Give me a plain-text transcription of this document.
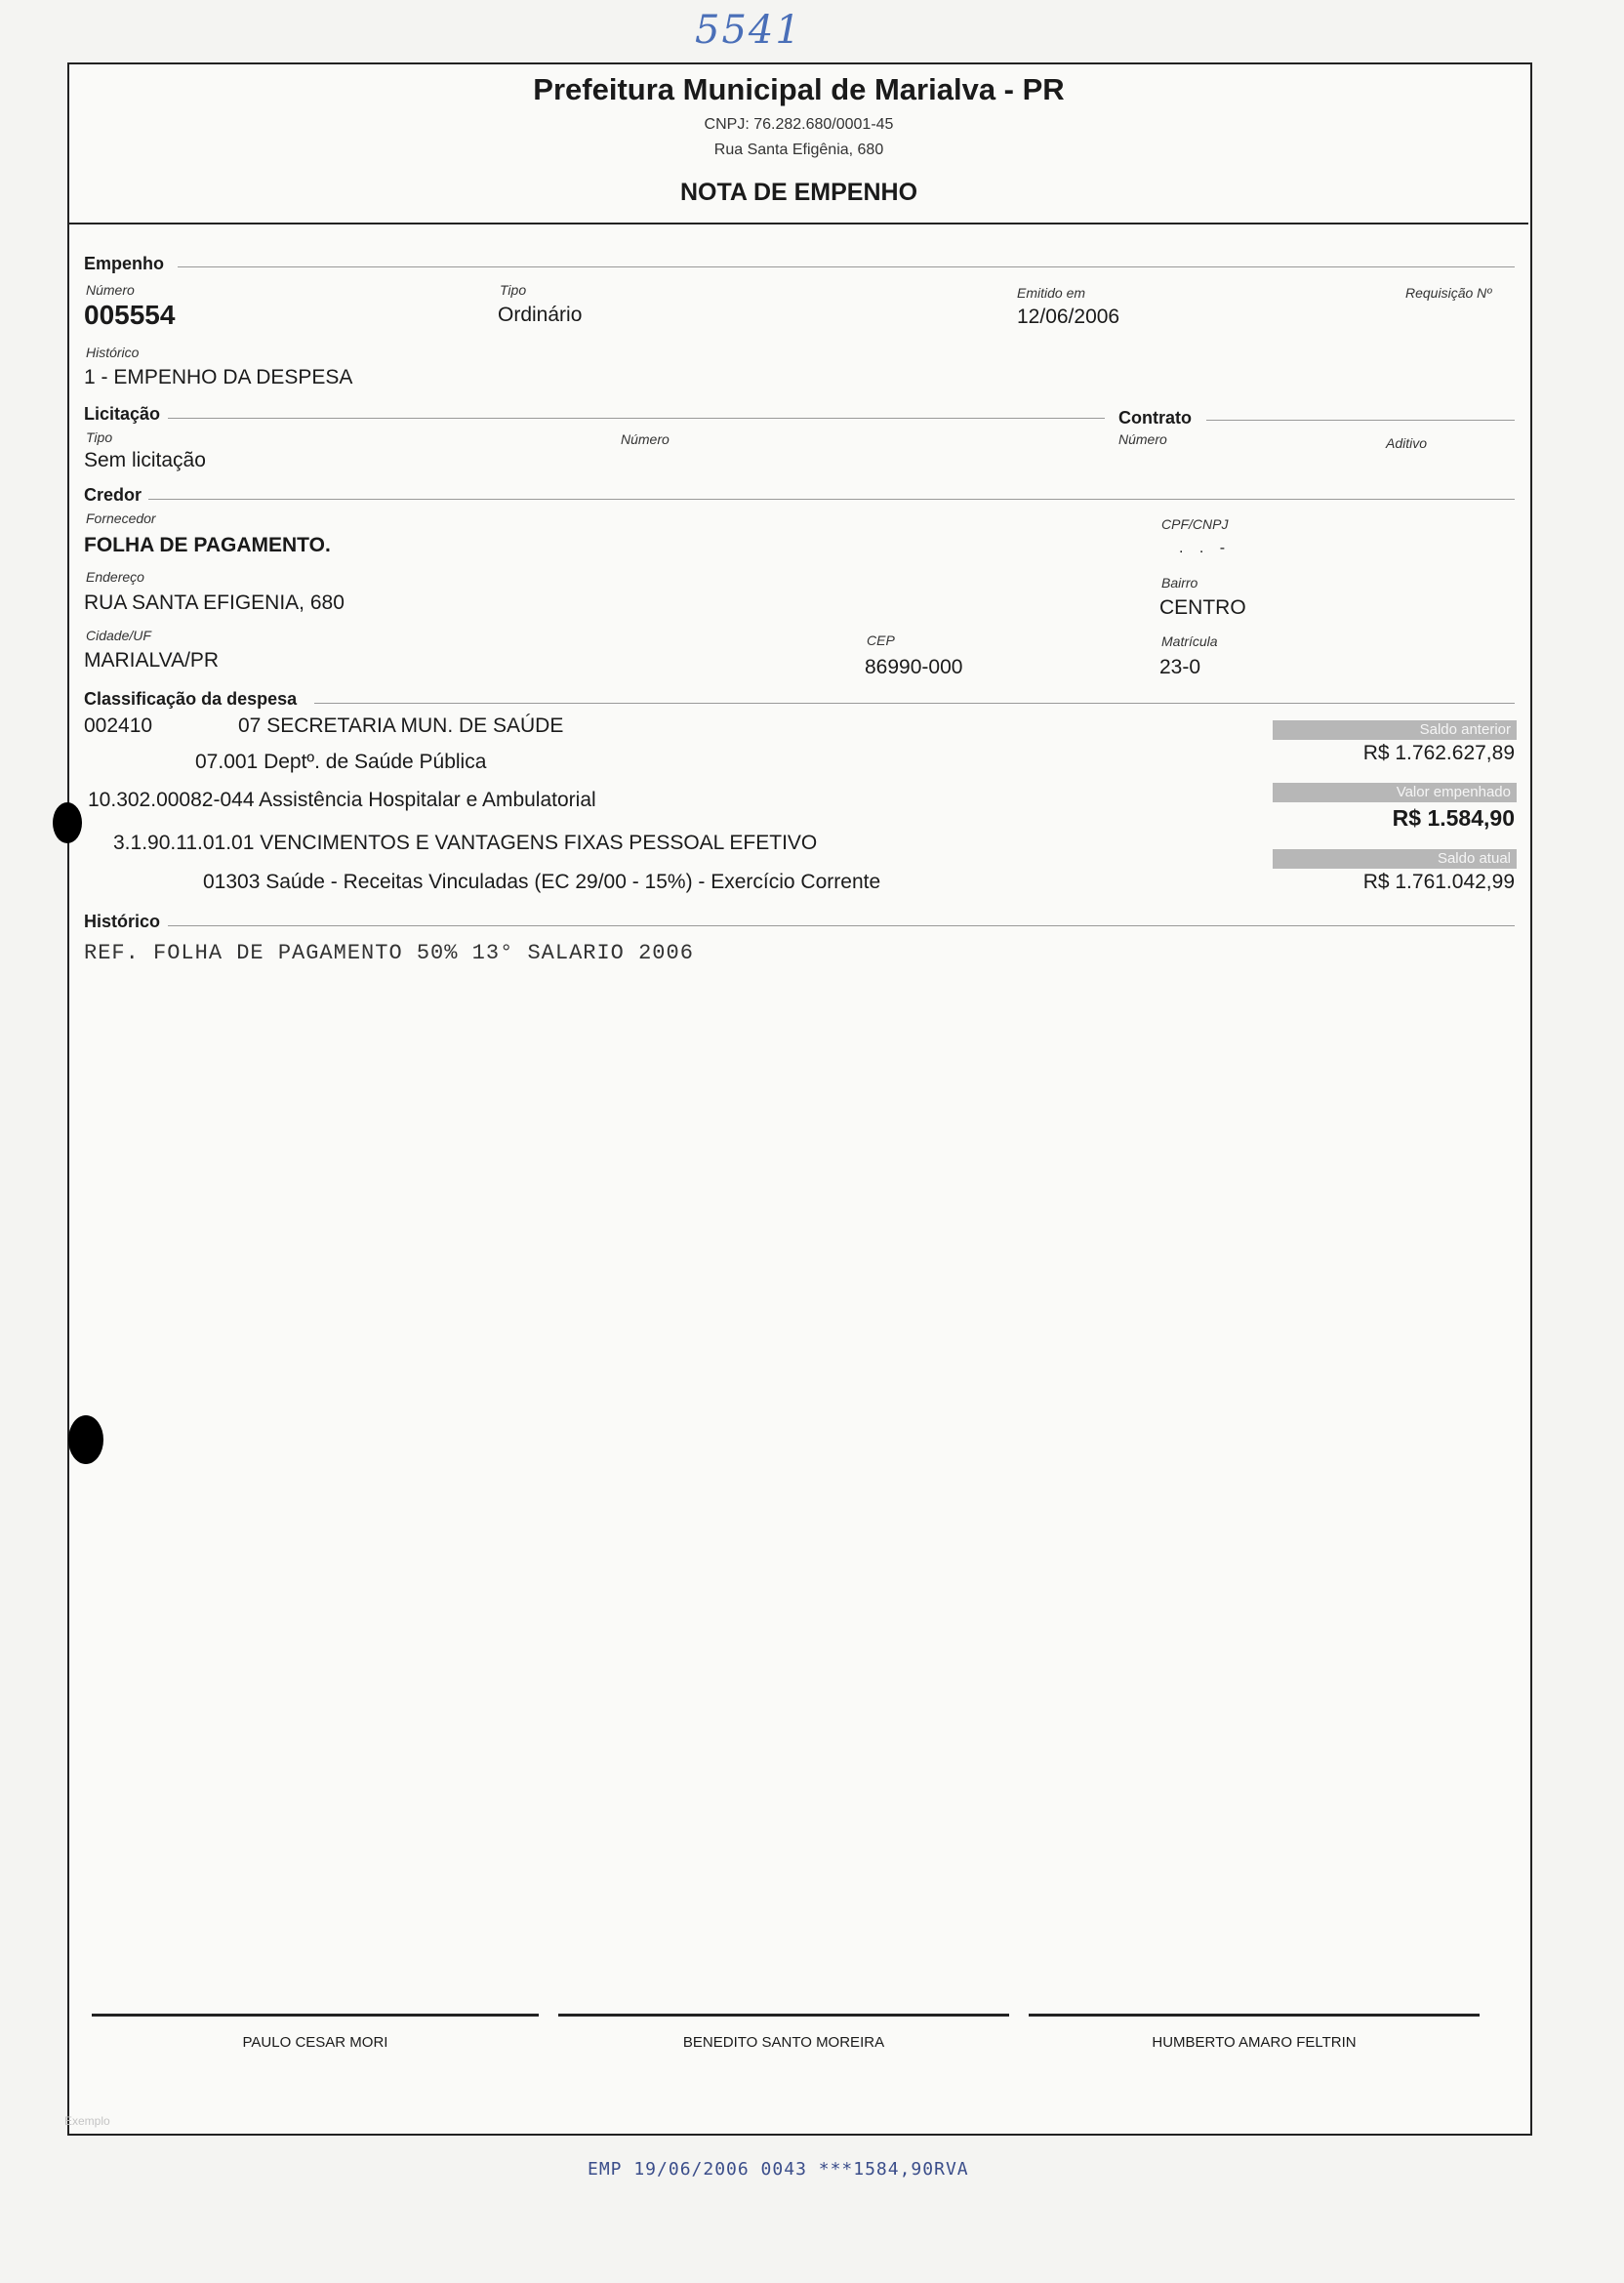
5541
Prefeitura Municipal de Marialva - PR
CNPJ: 76.282.680/0001-45
Rua Santa Efigênia, 680
NOTA DE EMPENHO
Empenho
Número
005554
Tipo
Ordinário
Emitido em
12/06/2006
Requisição Nº
Histórico
1 - EMPENHO DA DESPESA
Licitação	Contrato
Tipo
Sem licitação
Número	Número	Aditivo
Credor
Fornecedor
FOLHA DE PAGAMENTO.
CPF/CNPJ
. . -
Endereço
RUA SANTA EFIGENIA, 680
Bairro
CENTRO
Cidade/UF
MARIALVA/PR
CEP
86990-000
Matrícula
23-0
Classificação da despesa
002410	07 SECRETARIA MUN. DE SAÚDE
07.001 Deptº. de Saúde Pública
10.302.00082-044 Assistência Hospitalar e Ambulatorial
3.1.90.11.01.01 VENCIMENTOS E VANTAGENS FIXAS PESSOAL EFETIVO
01303 Saúde - Receitas Vinculadas (EC 29/00 - 15%) - Exercício Corrente
Saldo anterior
R$ 1.762.627,89
Valor empenhado
R$ 1.584,90
Saldo atual
R$ 1.761.042,99
Histórico
REF. FOLHA DE PAGAMENTO 50% 13° SALARIO 2006
PAULO CESAR MORI	BENEDITO SANTO MOREIRA	HUMBERTO AMARO FELTRIN
Exemplo
EMP 19/06/2006 0043 ***1584,90RVA
